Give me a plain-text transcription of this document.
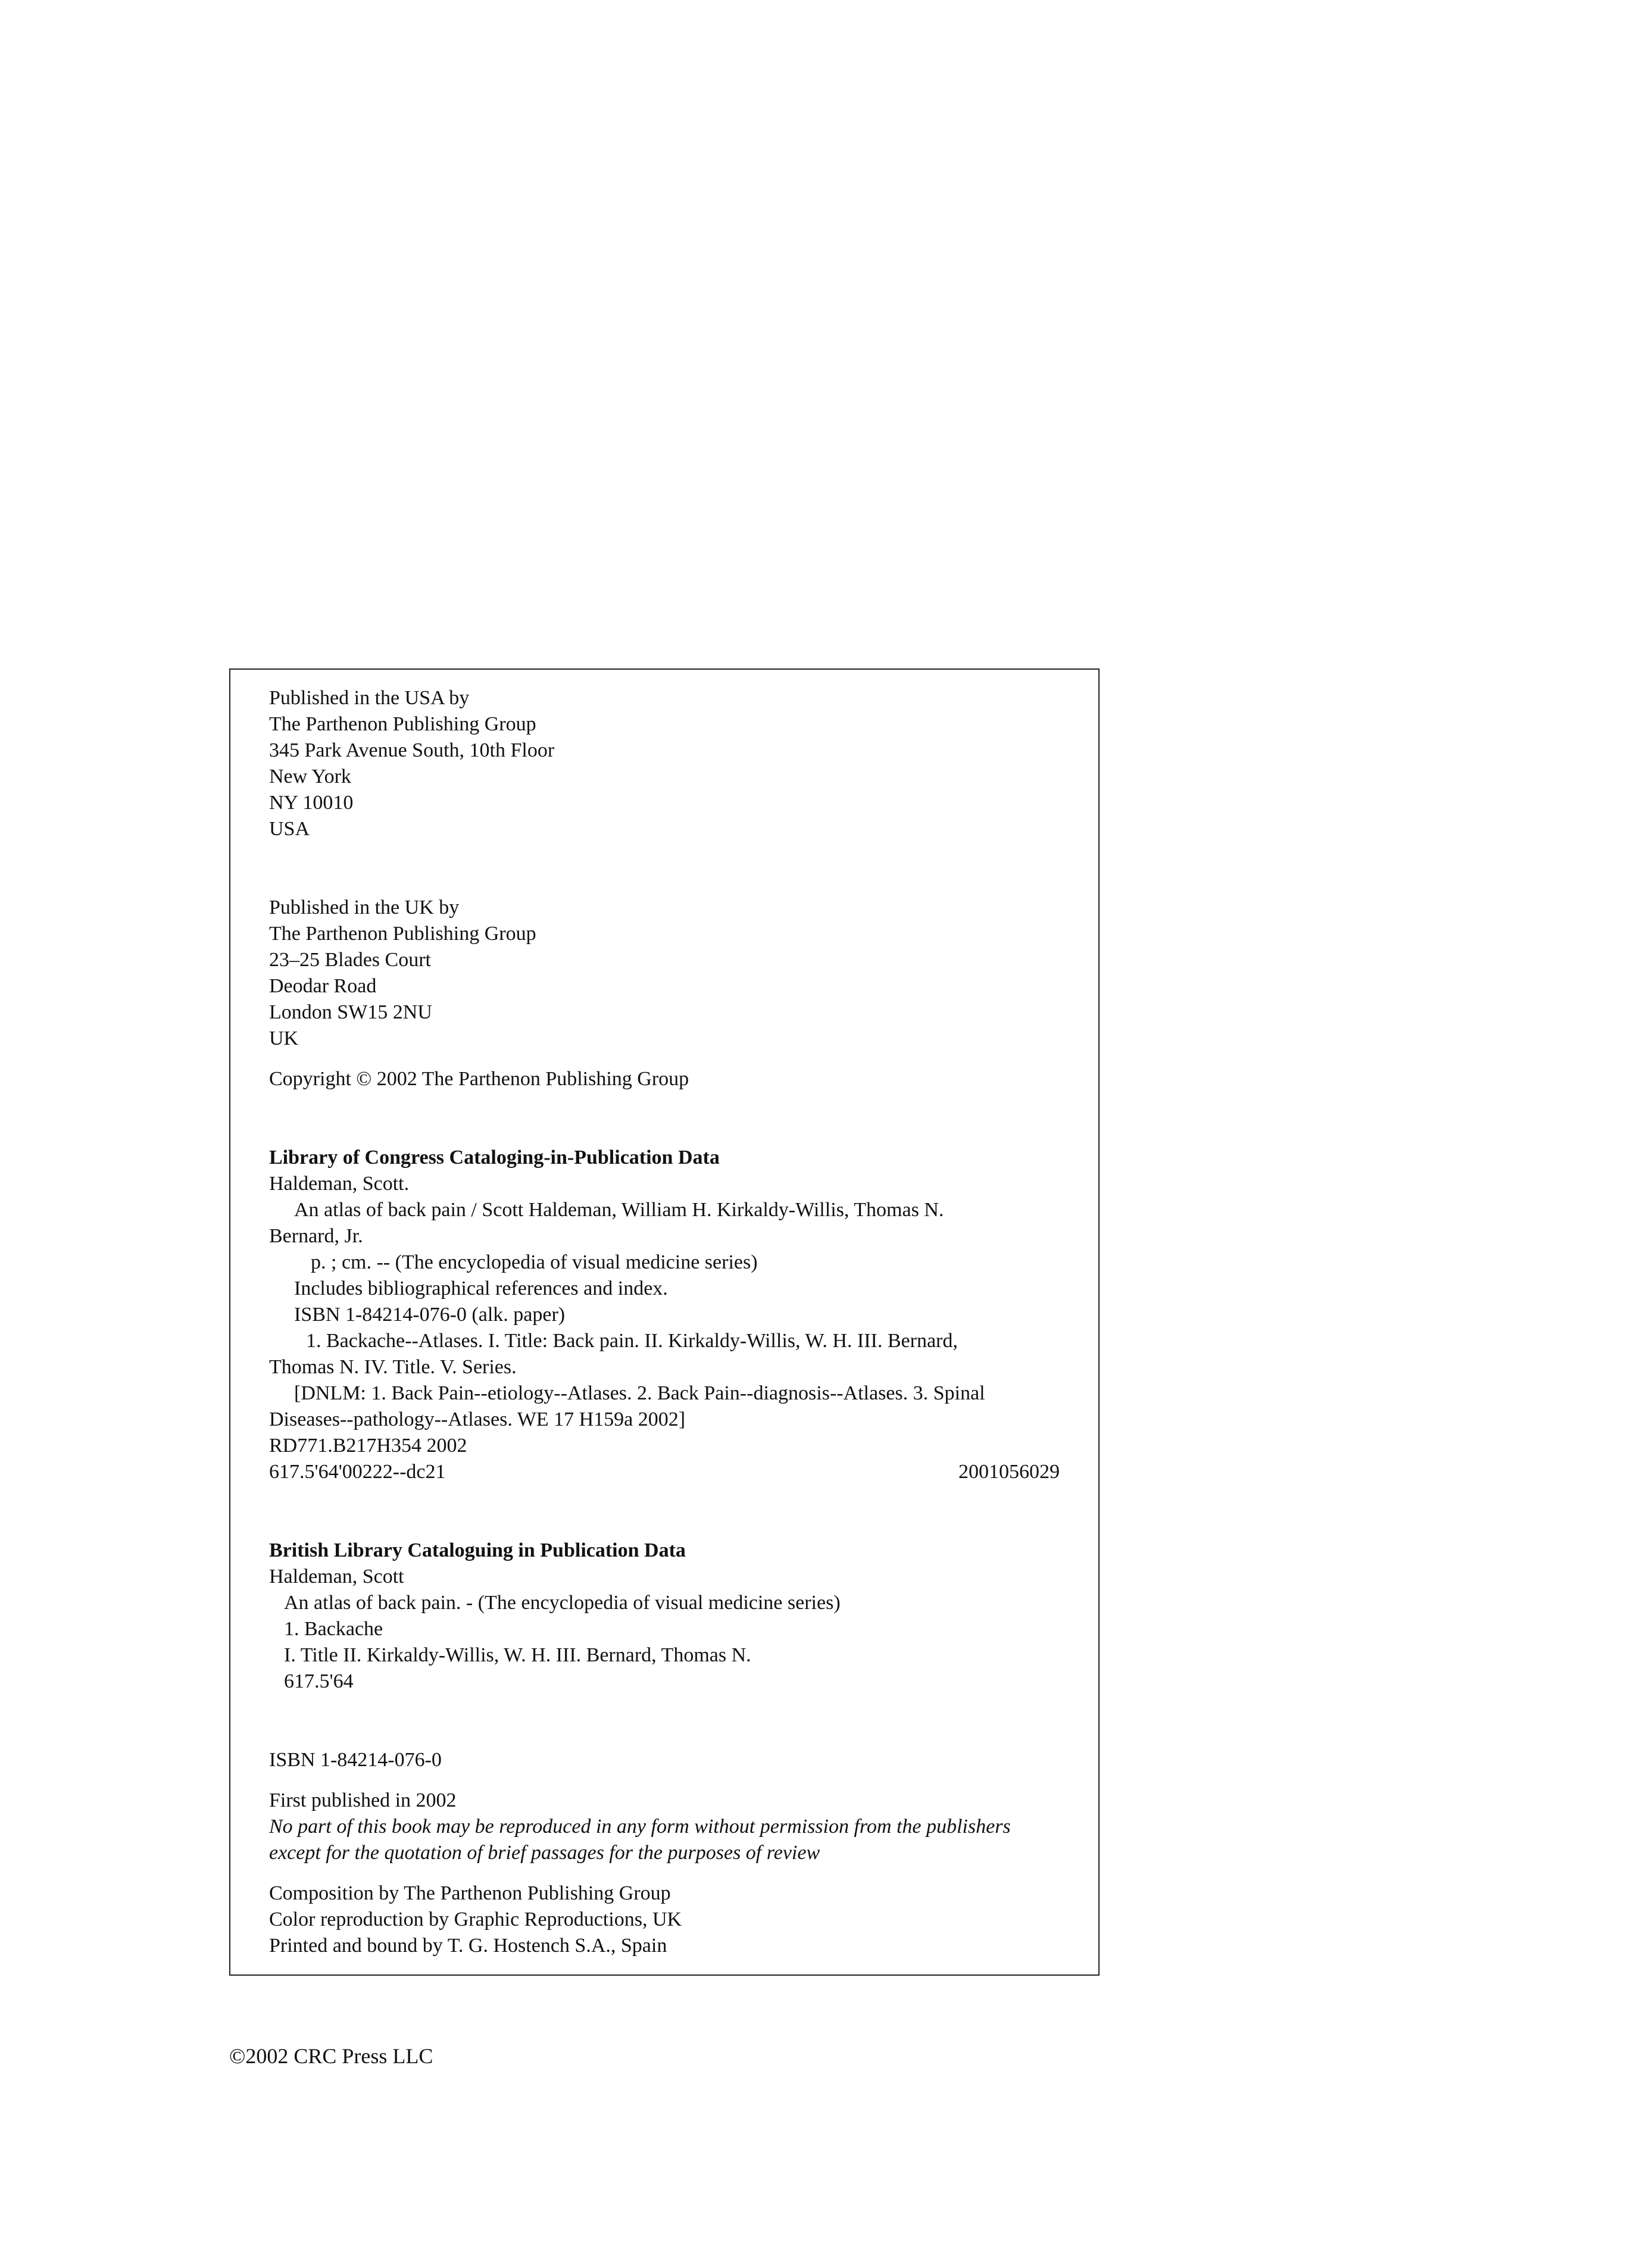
Published in the USA by
The Parthenon Publishing Group
345 Park Avenue South, 10th Floor
New York
NY 10010
USA
Published in the UK by
The Parthenon Publishing Group
23–25 Blades Court
Deodar Road
London SW15 2NU
UK
Copyright © 2002 The Parthenon Publishing Group
Library of Congress Cataloging-in-Publication Data
Haldeman, Scott.
An atlas of back pain / Scott Haldeman, William H. Kirkaldy-Willis, Thomas N.
Bernard, Jr.
p. ; cm. -- (The encyclopedia of visual medicine series)
Includes bibliographical references and index.
ISBN 1-84214-076-0 (alk. paper)
1. Backache--Atlases. I. Title: Back pain. II. Kirkaldy-Willis, W. H. III. Bernard,
Thomas N. IV. Title. V. Series.
[DNLM: 1. Back Pain--etiology--Atlases. 2. Back Pain--diagnosis--Atlases. 3. Spinal
Diseases--pathology--Atlases. WE 17 H159a 2002]
RD771.B217H354 2002
617.5'64'00222--dc21	2001056029
British Library Cataloguing in Publication Data
Haldeman, Scott
An atlas of back pain. - (The encyclopedia of visual medicine series)
1. Backache
I. Title II. Kirkaldy-Willis, W. H. III. Bernard, Thomas N.
617.5'64
ISBN 1-84214-076-0
First published in 2002
No part of this book may be reproduced in any form without permission from the publishers
except for the quotation of brief passages for the purposes of review
Composition by The Parthenon Publishing Group
Color reproduction by Graphic Reproductions, UK
Printed and bound by T. G. Hostench S.A., Spain
©2002 CRC Press LLC
